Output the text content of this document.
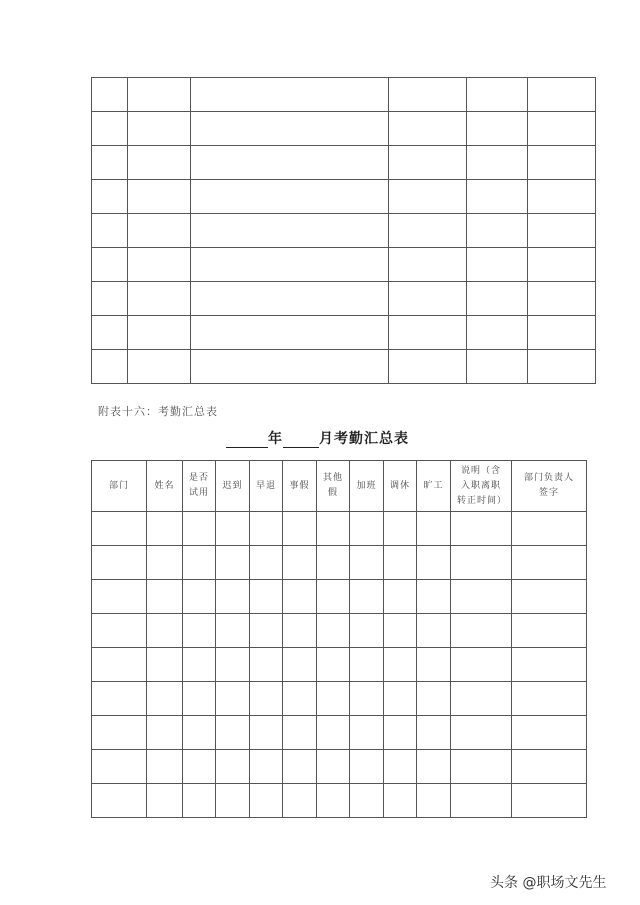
附表十六：考勤汇总表
年	月考勤汇总表
部门	姓名	是否试用	迟到	早退	事假	其他假	加班	调休	旷工	说明（含入职离职转正时间）	部门负责人签字

头条 @职场文先生
